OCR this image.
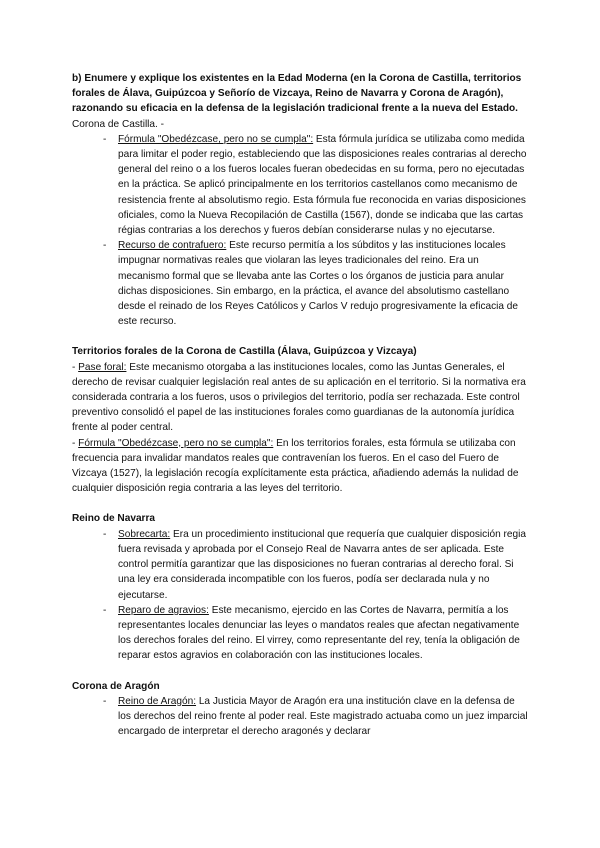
b) Enumere y explique los existentes en la Edad Moderna (en la Corona de Castilla, territorios forales de Álava, Guipúzcoa y Señorío de Vizcaya, Reino de Navarra y Corona de Aragón), razonando su eficacia en la defensa de la legislación tradicional frente a la nueva del Estado.

Corona de Castilla. -

- Fórmula "Obedézcase, pero no se cumpla": Esta fórmula jurídica se utilizaba como medida para limitar el poder regio, estableciendo que las disposiciones reales contrarias al derecho general del reino o a los fueros locales fueran obedecidas en su forma, pero no ejecutadas en la práctica. Se aplicó principalmente en los territorios castellanos como mecanismo de resistencia frente al absolutismo regio. Esta fórmula fue reconocida en varias disposiciones oficiales, como la Nueva Recopilación de Castilla (1567), donde se indicaba que las cartas régias contrarias a los derechos y fueros debían considerarse nulas y no ejecutarse.
- Recurso de contrafuero: Este recurso permitía a los súbditos y las instituciones locales impugnar normativas reales que violaran las leyes tradicionales del reino. Era un mecanismo formal que se llevaba ante las Cortes o los órganos de justicia para anular dichas disposiciones. Sin embargo, en la práctica, el avance del absolutismo castellano desde el reinado de los Reyes Católicos y Carlos V redujo progresivamente la eficacia de este recurso.

Territorios forales de la Corona de Castilla (Álava, Guipúzcoa y Vizcaya)

- Pase foral: Este mecanismo otorgaba a las instituciones locales, como las Juntas Generales, el derecho de revisar cualquier legislación real antes de su aplicación en el territorio. Si la normativa era considerada contraria a los fueros, usos o privilegios del territorio, podía ser rechazada. Este control preventivo consolidó el papel de las instituciones forales como guardianas de la autonomía jurídica frente al poder central.

- Fórmula "Obedézcase, pero no se cumpla": En los territorios forales, esta fórmula se utilizaba con frecuencia para invalidar mandatos reales que contravenían los fueros. En el caso del Fuero de Vizcaya (1527), la legislación recogía explícitamente esta práctica, añadiendo además la nulidad de cualquier disposición regia contraria a las leyes del territorio.

Reino de Navarra

- Sobrecarta: Era un procedimiento institucional que requería que cualquier disposición regia fuera revisada y aprobada por el Consejo Real de Navarra antes de ser aplicada. Este control permitía garantizar que las disposiciones no fueran contrarias al derecho foral. Si una ley era considerada incompatible con los fueros, podía ser declarada nula y no ejecutarse.
- Reparo de agravios: Este mecanismo, ejercido en las Cortes de Navarra, permitía a los representantes locales denunciar las leyes o mandatos reales que afectan negativamente los derechos forales del reino. El virrey, como representante del rey, tenía la obligación de reparar estos agravios en colaboración con las instituciones locales.

Corona de Aragón

- Reino de Aragón: La Justicia Mayor de Aragón era una institución clave en la defensa de los derechos del reino frente al poder real. Este magistrado actuaba como un juez imparcial encargado de interpretar el derecho aragonés y declarar
